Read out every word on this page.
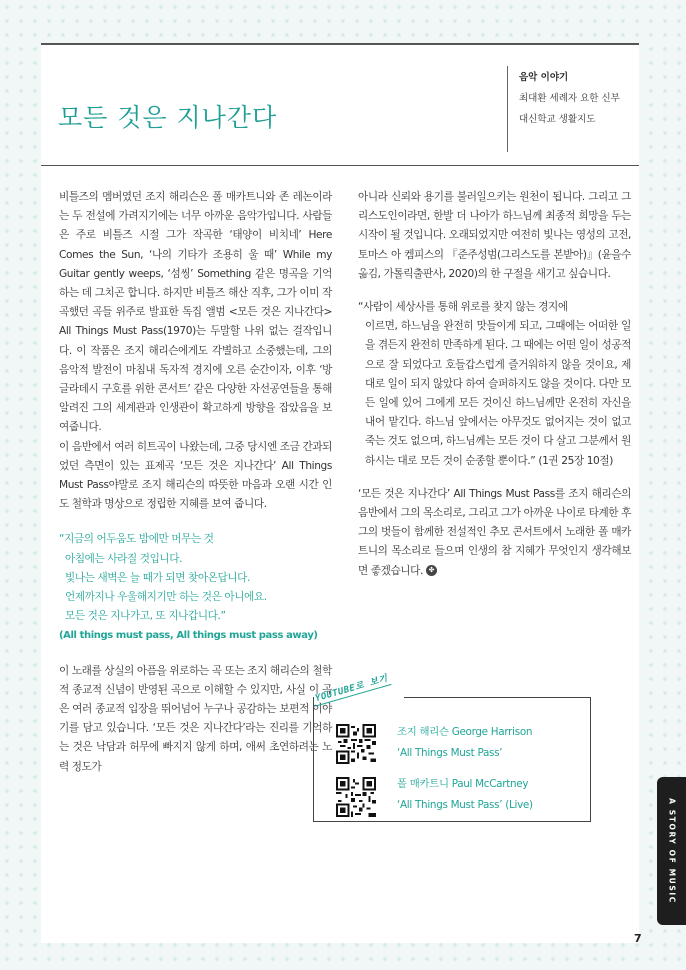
모든 것은 지나간다
음악 이야기
최대환 세례자 요한 신부
대신학교 생활지도

비틀즈의 멤버였던 조지 해리슨은 폴 매카트니와 존 레논이라는 두 전설에 가려지기에는 너무 아까운 음악가입니다. 사람들은 주로 비틀즈 시절 그가 작곡한 ‘태양이 비치네’ Here Comes the Sun, ‘나의 기타가 조용히 울 때’ While my Guitar gently weeps, ‘섬씽’ Something 같은 명곡을 기억하는 데 그치곤 합니다. 하지만 비틀즈 해산 직후, 그가 이미 작곡했던 곡들 위주로 발표한 독집 앨범 <모든 것은 지나간다> All Things Must Pass(1970)는 두말할 나위 없는 걸작입니다. 이 작품은 조지 해리슨에게도 각별하고 소중했는데, 그의 음악적 발전이 마침내 독자적 경지에 오른 순간이자, 이후 ‘방글라데시 구호를 위한 콘서트’ 같은 다양한 자선공연들을 통해 알려진 그의 세계관과 인생관이 확고하게 방향을 잡았음을 보여줍니다.

이 음반에서 여러 히트곡이 나왔는데, 그중 당시엔 조금 간과되었던 측면이 있는 표제곡 ‘모든 것은 지나간다’ All Things Must Pass야말로 조지 해리슨의 따뜻한 마음과 오랜 시간 인도 철학과 명상으로 정립한 지혜를 보여 줍니다.

“지금의 어두움도 밤에만 머무는 것
아침에는 사라질 것입니다.
빛나는 새벽은 늘 때가 되면 찾아온답니다.
언제까지나 우울해지기만 하는 것은 아니에요.
모든 것은 지나가고, 또 지나갑니다.”
(All things must pass, All things must pass away)

이 노래를 상실의 아픔을 위로하는 곡 또는 조지 해리슨의 철학적 종교적 신념이 반영된 곡으로 이해할 수 있지만, 사실 이 곡은 여러 종교적 입장을 뛰어넘어 누구나 공감하는 보편적 이야기를 담고 있습니다. ‘모든 것은 지나간다’라는 진리를 기억하는 것은 낙담과 허무에 빠지지 않게 하며, 애써 초연하려는 노력 정도가

아니라 신뢰와 용기를 불러일으키는 원천이 됩니다. 그리고 그리스도인이라면, 한발 더 나아가 하느님께 최종적 희망을 두는 시작이 될 것입니다. 오래되었지만 여전히 빛나는 영성의 고전, 토마스 아 켐피스의 『준주성범(그리스도를 본받아)』(윤을수 옮김, 가톨릭출판사, 2020)의 한 구절을 새기고 싶습니다.

“사람이 세상사를 통해 위로를 찾지 않는 경지에

이르면, 하느님을 완전히 맛들이게 되고, 그때에는 어떠한 일을 겪든지 완전히 만족하게 된다. 그 때에는 어떤 일이 성공적으로 잘 되었다고 호들갑스럽게 즐거워하지 않을 것이요, 제대로 일이 되지 않았다 하여 슬퍼하지도 않을 것이다. 다만 모든 일에 있어 그에게 모든 것이신 하느님께만 온전히 자신을 내어 맡긴다. 하느님 앞에서는 아무것도 없어지는 것이 없고 죽는 것도 없으며, 하느님께는 모든 것이 다 살고 그분께서 원하시는 대로 모든 것이 순종할 뿐이다.” (1권 25장 10절)

‘모든 것은 지나간다’ All Things Must Pass를 조지 해리슨의 음반에서 그의 목소리로, 그리고 그가 아까운 나이로 타계한 후 그의 벗들이 함께한 전설적인 추모 콘서트에서 노래한 폴 매카트니의 목소리로 들으며 인생의 참 지혜가 무엇인지 생각해보면 좋겠습니다. ✤

YOUTUBE로 보기
조지 해리슨 George Harrison
‘All Things Must Pass’
폴 매카트니 Paul McCartney
‘All Things Must Pass’ (Live)	A STORY OF MUSIC
7
